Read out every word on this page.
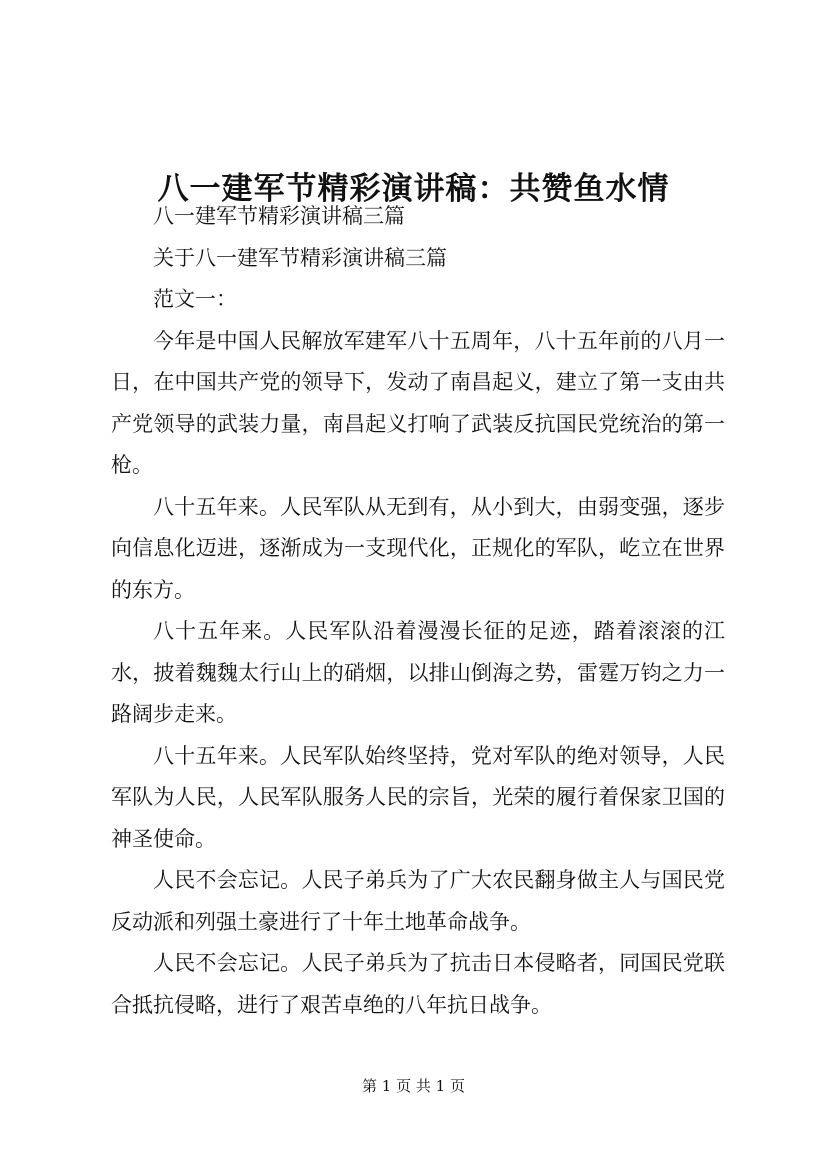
八一建军节精彩演讲稿：共赞鱼水情

八一建军节精彩演讲稿三篇

关于八一建军节精彩演讲稿三篇

范文一：

今年是中国人民解放军建军八十五周年，八十五年前的八月一日，在中国共产党的领导下，发动了南昌起义，建立了第一支由共产党领导的武装力量，南昌起义打响了武装反抗国民党统治的第一枪。

八十五年来。人民军队从无到有，从小到大，由弱变强，逐步向信息化迈进，逐渐成为一支现代化，正规化的军队，屹立在世界的东方。

八十五年来。人民军队沿着漫漫长征的足迹，踏着滚滚的江水，披着魏魏太行山上的硝烟，以排山倒海之势，雷霆万钧之力一路阔步走来。

八十五年来。人民军队始终坚持，党对军队的绝对领导，人民军队为人民，人民军队服务人民的宗旨，光荣的履行着保家卫国的神圣使命。

人民不会忘记。人民子弟兵为了广大农民翻身做主人与国民党反动派和列强土豪进行了十年土地革命战争。

人民不会忘记。人民子弟兵为了抗击日本侵略者，同国民党联合抵抗侵略，进行了艰苦卓绝的八年抗日战争。

第 1 页 共 1 页
